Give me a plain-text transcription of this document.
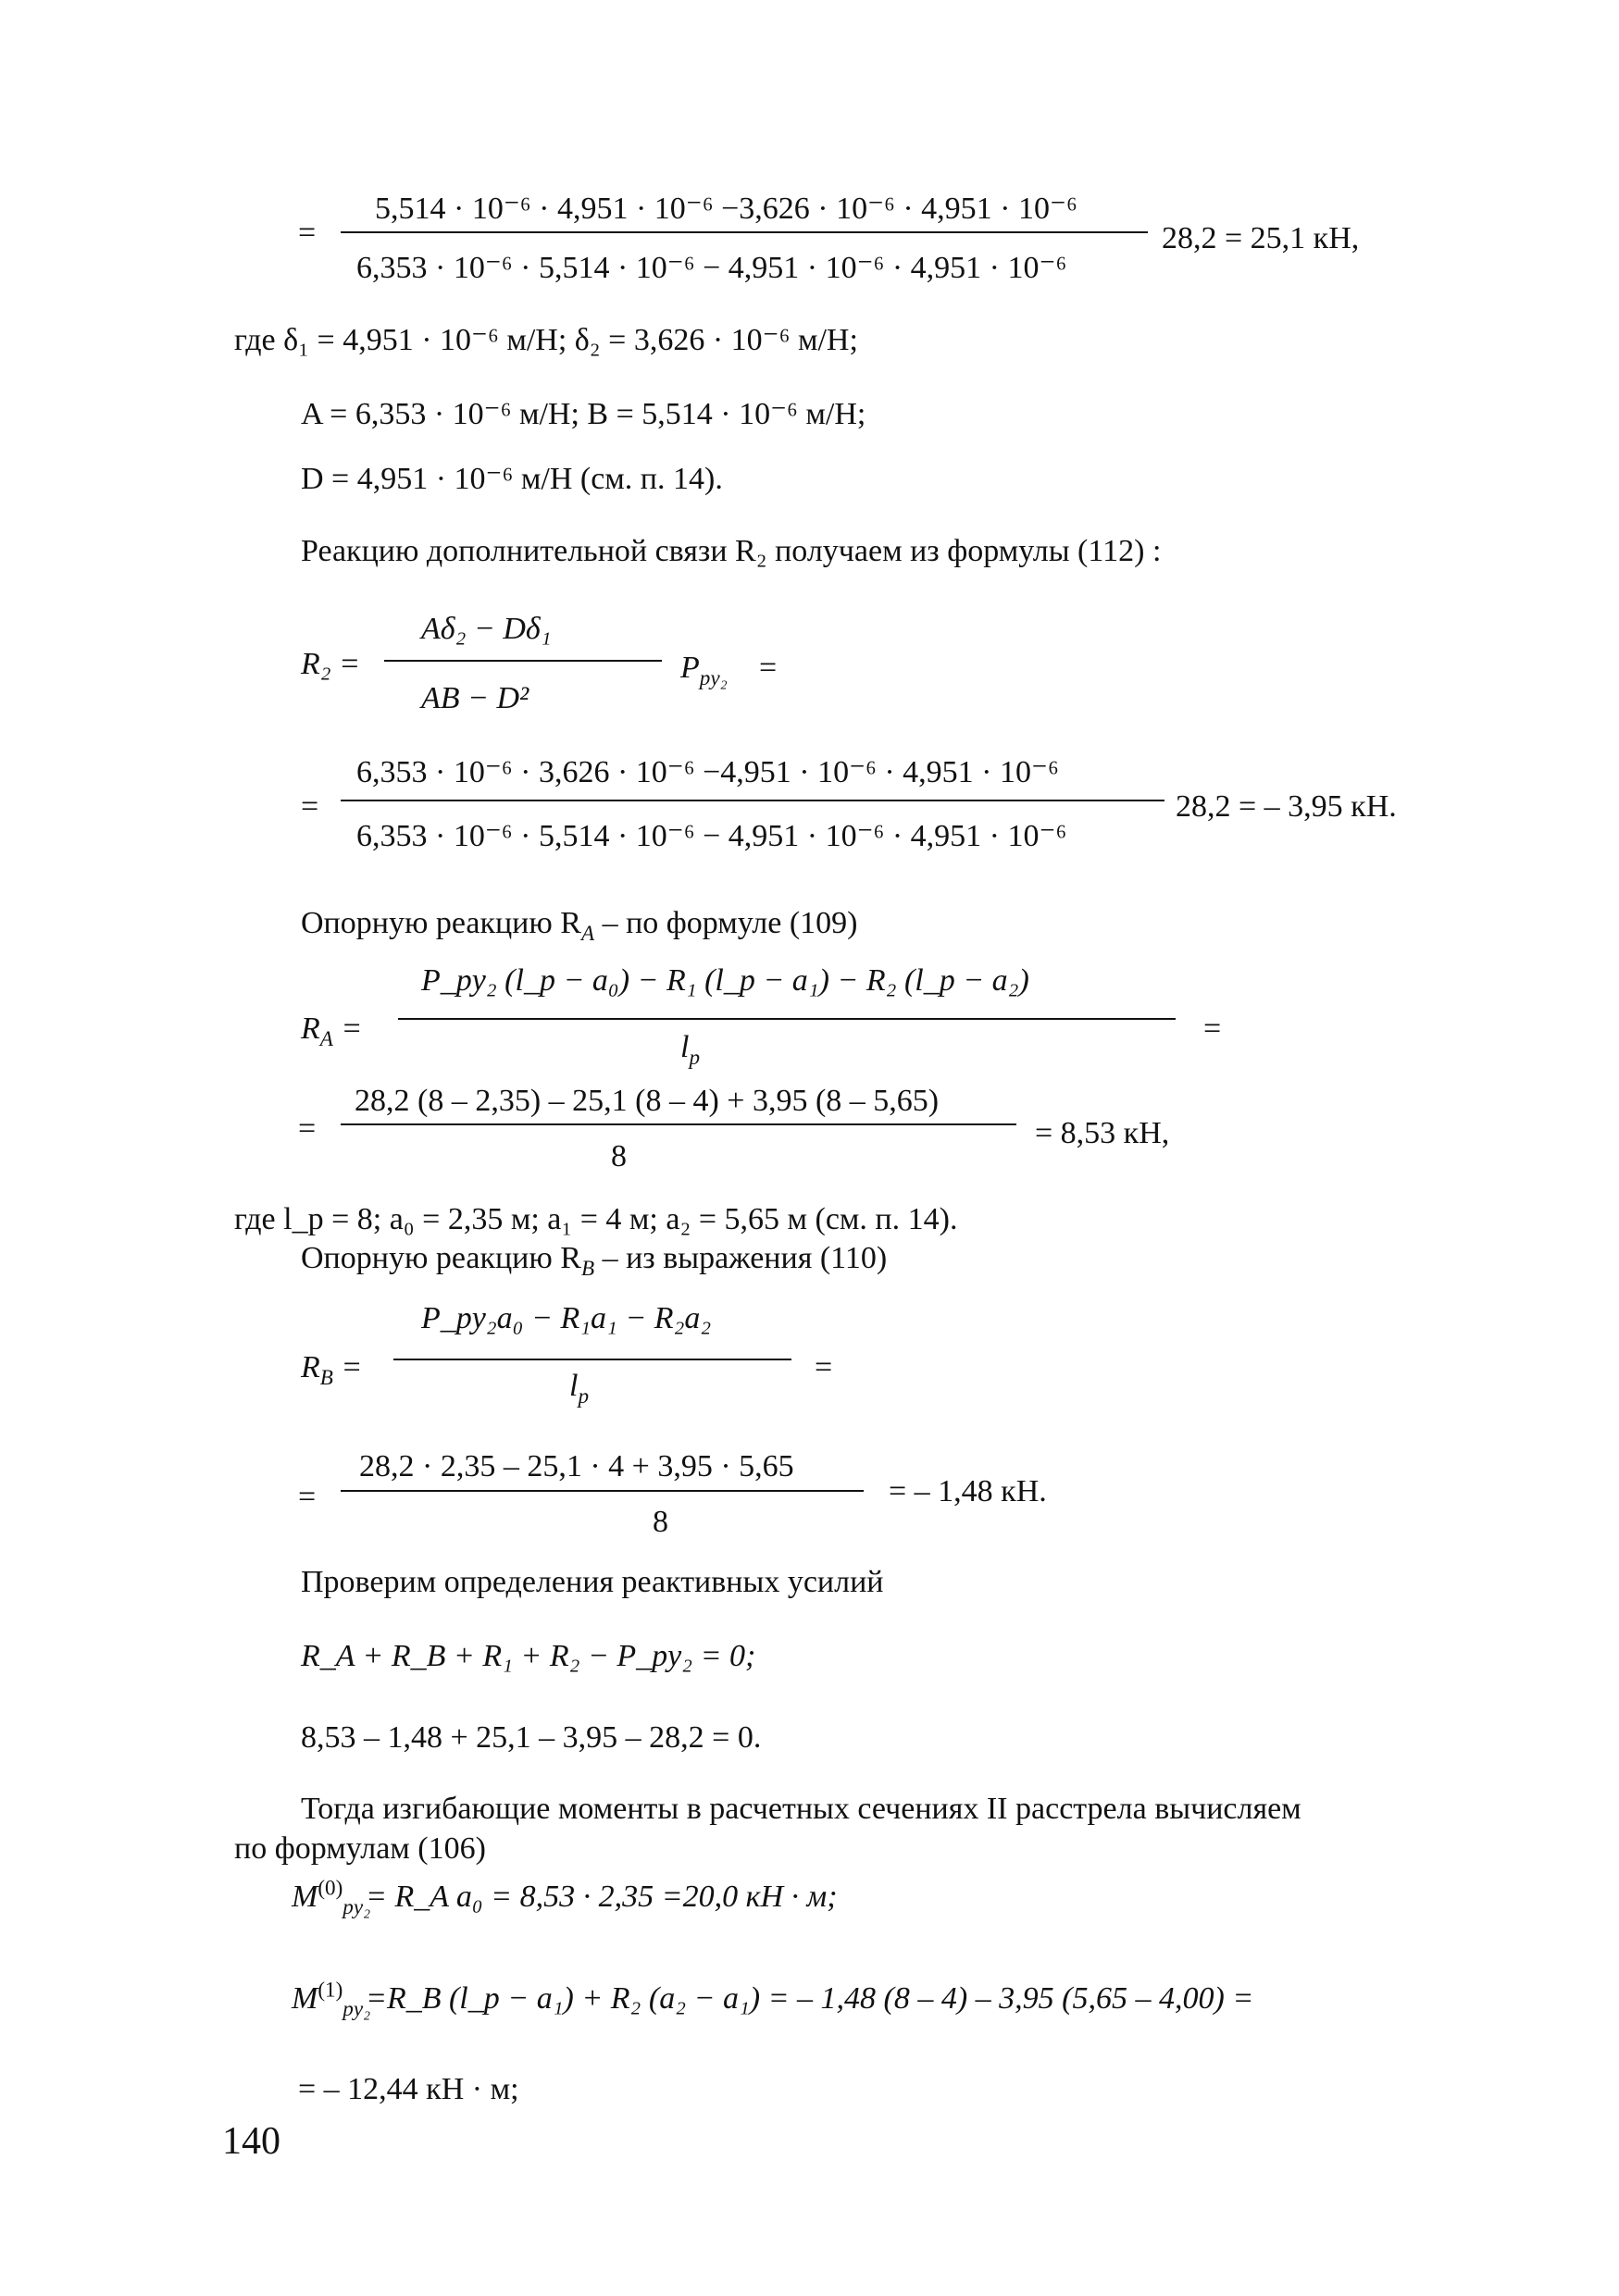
=
5,514 · 10⁻⁶ · 4,951 · 10⁻⁶ −3,626 · 10⁻⁶ · 4,951 · 10⁻⁶
6,353 · 10⁻⁶ · 5,514 · 10⁻⁶ − 4,951 · 10⁻⁶ · 4,951 · 10⁻⁶
28,2 = 25,1 кН,
где δ₁ = 4,951 · 10⁻⁶ м/Н; δ₂ = 3,626 · 10⁻⁶ м/Н;
A = 6,353 · 10⁻⁶ м/Н; B = 5,514 · 10⁻⁶ м/Н;
D = 4,951 · 10⁻⁶ м/Н (см. п. 14).
Реакцию дополнительной связи R₂ получаем из формулы (112) :
R₂ =
Aδ₂ − Dδ₁
AB − D²
$P_{py_2}$ =
=
6,353 · 10⁻⁶ · 3,626 · 10⁻⁶ −4,951 · 10⁻⁶ · 4,951 · 10⁻⁶
6,353 · 10⁻⁶ · 5,514 · 10⁻⁶ − 4,951 · 10⁻⁶ · 4,951 · 10⁻⁶
28,2 = – 3,95 кН.
Опорную реакцию $R_A$ – по формуле (109)
$R_A$ =
P_py₂ (l_p − a₀) − R₁ (l_p − a₁) − R₂ (l_p − a₂)
$l_p$
=
=
28,2 (8 – 2,35) – 25,1 (8 – 4) + 3,95 (8 – 5,65)
8
= 8,53 кН,
где l_p = 8; a₀ = 2,35 м; a₁ = 4 м; a₂ = 5,65 м (см. п. 14).
Опорную реакцию $R_B$ – из выражения (110)
$R_B$ =
P_py₂a₀ − R₁a₁ − R₂a₂
$l_p$
=
=
28,2 · 2,35 – 25,1 · 4 + 3,95 · 5,65
8
= – 1,48 кН.
Проверим определения реактивных усилий
R_A + R_B + R₁ + R₂ − P_py₂ = 0;
8,53 – 1,48 + 25,1 – 3,95 – 28,2 = 0.
Тогда изгибающие моменты в расчетных сечениях II расстрела вычисляем
по формулам (106)
$M^{(0)}_{py_2}$
= R_A a₀ = 8,53 · 2,35 =20,0 кН · м;
$M^{(1)}_{py_2}$
=R_B (l_p − a₁) + R₂ (a₂ − a₁) = – 1,48 (8 – 4) – 3,95 (5,65 – 4,00) =
= – 12,44 кН · м;
140
